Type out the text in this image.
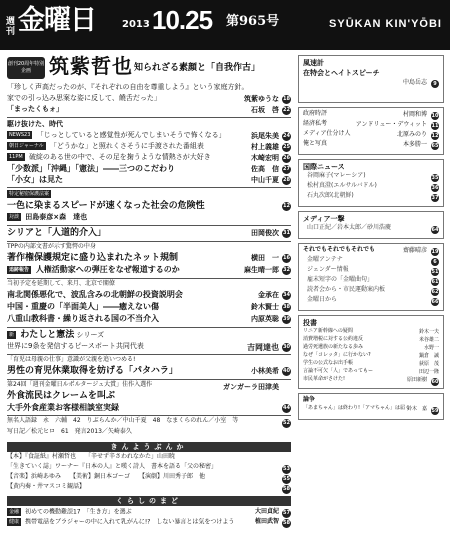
週刊 金曜日	2013 10.25 第965号	SYŪKAN KIN'YŌBI
創刊20周年特別企画 筑紫哲也 知られざる素顔と「自我作古」
「珍しく声高だったのが、『それぞれの自由を尊重しよう』という家庭方針。
家での引っ込み思案な姿に反して、饒舌だった」	筑紫ゆうな 18
「まったくもォ」	石坂　啓 22
駆け抜けた、時代
NEWS23 「じっとしていると感覚性が死んでしまいそうで怖くなる」	浜尾朱美 24
朝日ジャーナル 「どうかな」と照れくさそうに手渡された番組表	村上義雄 25
11PM 破綻のある世の中で、その足を掬うような情熱さが大好き	木崎宏明 26
「少数派」「沖縄」「憲法」――三つのこだわり	佐高　信 27
「小女」は見た	中山千夏 28
特定秘密保護法案
一色に染まるスピードが速くなった社会の危険性	12
対談 田島泰彦×森　達也
シリアと「人道的介入」	田岡俊次 31
TPPの内部文書が示す驚愕の中身
著作権保護規定に盛り込まれたネット規制	横田　一 16
追跡報告 人権活動家への弾圧をなぜ報道するのか	麻生晴一郎 32
当初予定を延期して、来月、北京で閣僚
南北関係悪化で、波乱含みの北朝鮮の投資説明会	金承在 34
中国・重慶の「半面美人」――癒えない傷	鈴木賢士 38
八重山教科書・繰り返される国の不当介入	内原英聡 39
新 わたしと憲法 シリーズ
世界に9条を発信するピースボート共同代表	吉岡達也 30
「育児は母親の仕事」意識が父親を追いつめる!
男性の育児休業取得を妨げる「パタハラ」	小林美希 40
第24回「週刊金曜日ルポルタージュ大賞」佳作入選作	ガンガーラ田津美
外食流民はクレームを叫ぶ
大手外食産業お客様相談室実録	44
無名人語録　永　六輔　42　りぶらんか／中山千夏　48　なまくらのれん／小室　等	52
写日記／松元ヒロ　61　発言2013／矢崎泰久
きんようぶんか
【本】『食証紙』村瀬哲也　　「辛せず辛さわれなかた」山田暁
「生きていく誌」ワーナー『日本の人』と嘆く詩人　書本を語る「父の秘密」	53
【音楽】浜崎あゆみ　　【美術】銅日本ゴーゴ　　【演劇】川田秀子郎　他	55
【黄内奏・井マスコミ観話】	58
くらしのまど
金融 初めての機動難誤17　「生き方」を選ぶ	大田貞紀 57
健康 携帯電話をブラジャーの中に入れて乳がんに!?　しない暴言とは気をつけよう	植田武智 58
風速計
在特会とヘイトスピーチ
中島岳志	9
政府時評	村岡和博 10
経済私考	アンドリュー・デウィット 11
メディア仕分け人	北原みのり 12
俺と写真	本多勝一 65
国際ニュース
谷岡麻子(マレーシア)	35
松村真澄(エルサルバドル)	36
石丸次郎(北朝鮮)	37
メディア一撃
山口正紀／岩本太郎／砂川浩慶	64
それでもそれでもそれでも	齋藤晴彦 19
金曜アンテナ	6
ジェンダー情報	51
雇末短字の「金曜曲句」	61
読者会から・市民運動案内板	62
金曜日から	66
投書
リニア新幹線への疑問	鈴木一夫
消費増税に対する公約違反	米谷雄二
過労死遺族の新たなる歩み	水野一
なぜ「コレッタ」に行かない?	鍋倉　誠
学生の公式なお出手帳	荻原　茂
言論不可欠「人」であってもー	田辺一隆
市民革命がさけた!	原田新樹 60
論争
「あまちゃん」は終わり!「アマちゃん」は届く
鈴木　嘉 59
